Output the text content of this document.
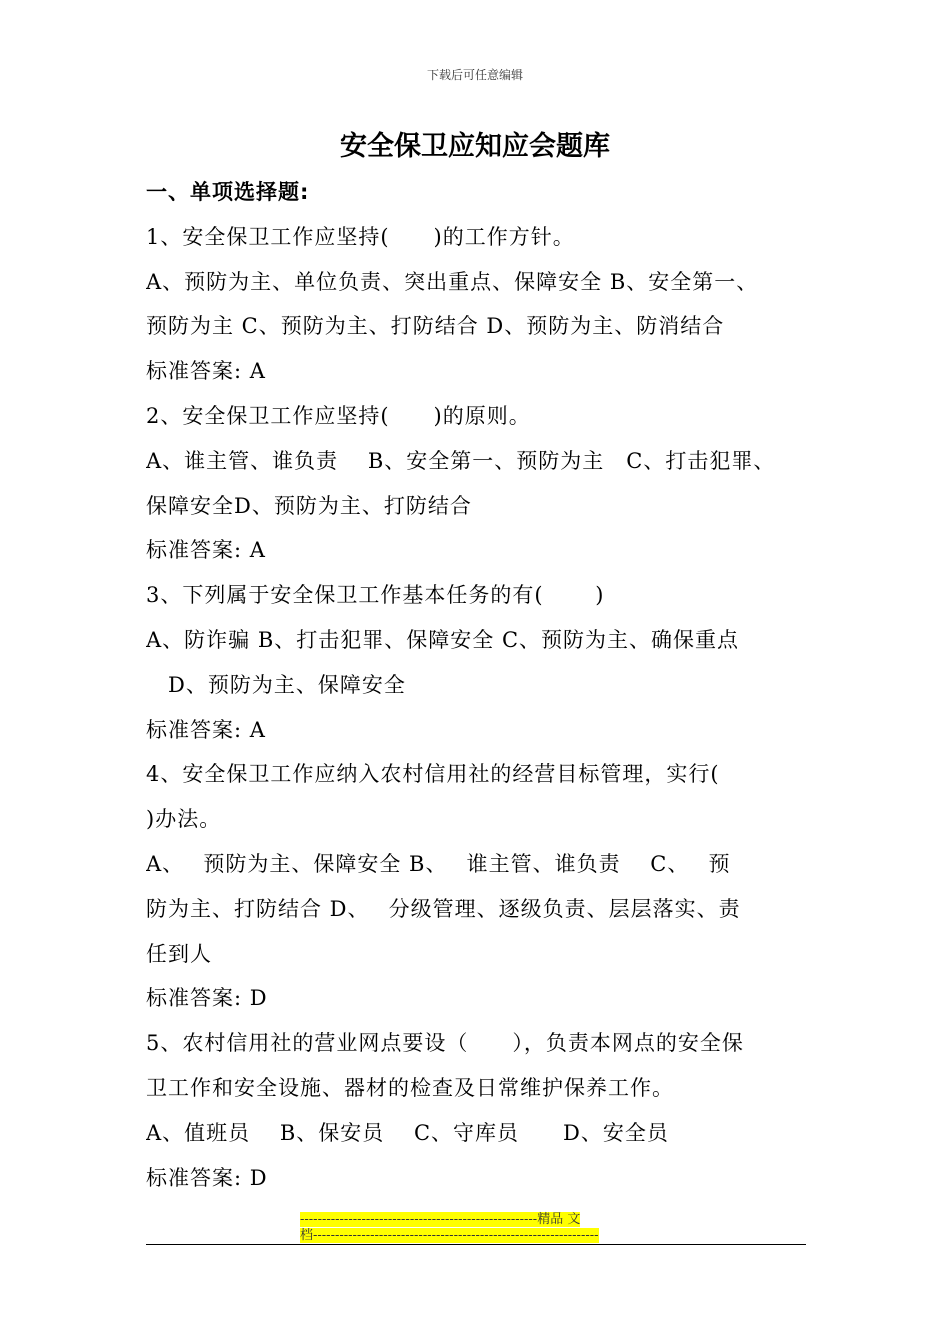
下载后可任意编辑
安全保卫应知应会题库
一、单项选择题:
1、安全保卫工作应坚持(　　)的工作方针。
A、预防为主、单位负责、突出重点、保障安全 B、安全第一、
预防为主 C、预防为主、打防结合 D、预防为主、防消结合
标准答案: A
2、安全保卫工作应坚持(　　)的原则。
A、谁主管、谁负责　 B、安全第一、预防为主　C、打击犯罪、
保障安全D、预防为主、打防结合
标准答案: A
3、下列属于安全保卫工作基本任务的有(　　 )
A、防诈骗 B、打击犯罪、保障安全 C、预防为主、确保重点
　D、预防为主、保障安全
标准答案: A
4、安全保卫工作应纳入农村信用社的经营目标管理，实行(
)办法。
A、　 预防为主、保障安全 B、　 谁主管、谁负责　 C、　 预
防为主、打防结合 D、　 分级管理、逐级负责、层层落实、责
任到人
标准答案: D
5、农村信用社的营业网点要设（　　），负责本网点的安全保
卫工作和安全设施、器材的检查及日常维护保养工作。
A、值班员　 B、保安员　 C、守库员　　D、安全员
标准答案: D
------------------------------------------------------精品 文
档-----------------------------------------------------------------
